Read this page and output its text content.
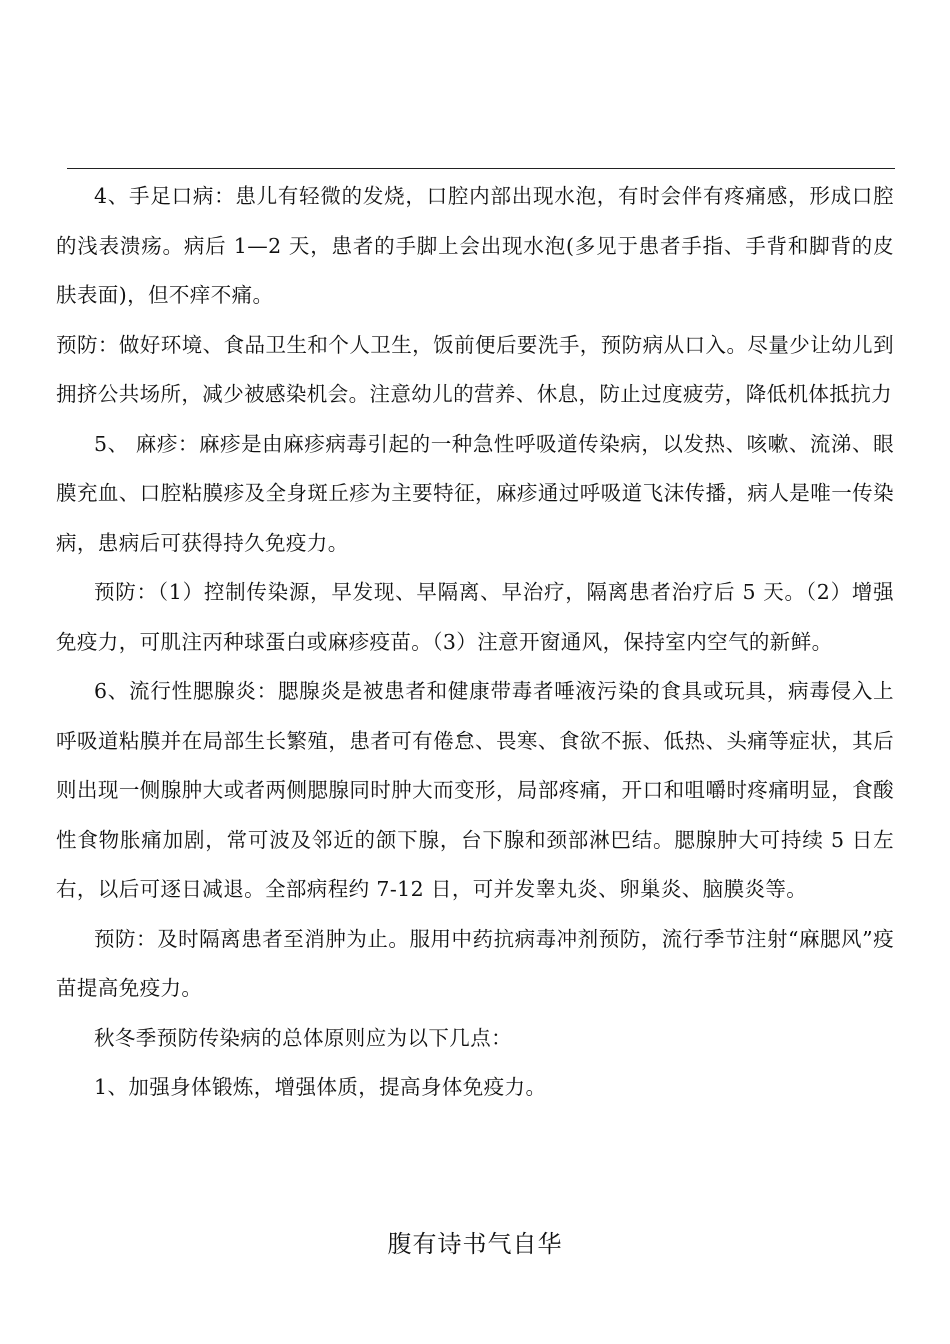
4、手足口病：患儿有轻微的发烧，口腔内部出现水泡，有时会伴有疼痛感，形成口腔的浅表溃疡。病后 1—2 天，患者的手脚上会出现水泡(多见于患者手指、手背和脚背的皮肤表面)，但不痒不痛。

预防：做好环境、食品卫生和个人卫生，饭前便后要洗手，预防病从口入。尽量少让幼儿到拥挤公共场所，减少被感染机会。注意幼儿的营养、休息，防止过度疲劳，降低机体抵抗力

5、 麻疹：麻疹是由麻疹病毒引起的一种急性呼吸道传染病，以发热、咳嗽、流涕、眼膜充血、口腔粘膜疹及全身斑丘疹为主要特征，麻疹通过呼吸道飞沫传播，病人是唯一传染病，患病后可获得持久免疫力。

预防：（1）控制传染源，早发现、早隔离、早治疗，隔离患者治疗后 5 天。（2）增强免疫力，可肌注丙种球蛋白或麻疹疫苗。（3）注意开窗通风，保持室内空气的新鲜。

6、流行性腮腺炎：腮腺炎是被患者和健康带毒者唾液污染的食具或玩具，病毒侵入上呼吸道粘膜并在局部生长繁殖，患者可有倦怠、畏寒、食欲不振、低热、头痛等症状，其后则出现一侧腺肿大或者两侧腮腺同时肿大而变形，局部疼痛，开口和咀嚼时疼痛明显，食酸性食物胀痛加剧，常可波及邻近的颌下腺，台下腺和颈部淋巴结。腮腺肿大可持续 5 日左右，以后可逐日减退。全部病程约 7-12 日，可并发睾丸炎、卵巢炎、脑膜炎等。

预防：及时隔离患者至消肿为止。服用中药抗病毒冲剂预防，流行季节注射“麻腮风”疫苗提高免疫力。

秋冬季预防传染病的总体原则应为以下几点：

1、加强身体锻炼，增强体质，提高身体免疫力。

腹有诗书气自华
